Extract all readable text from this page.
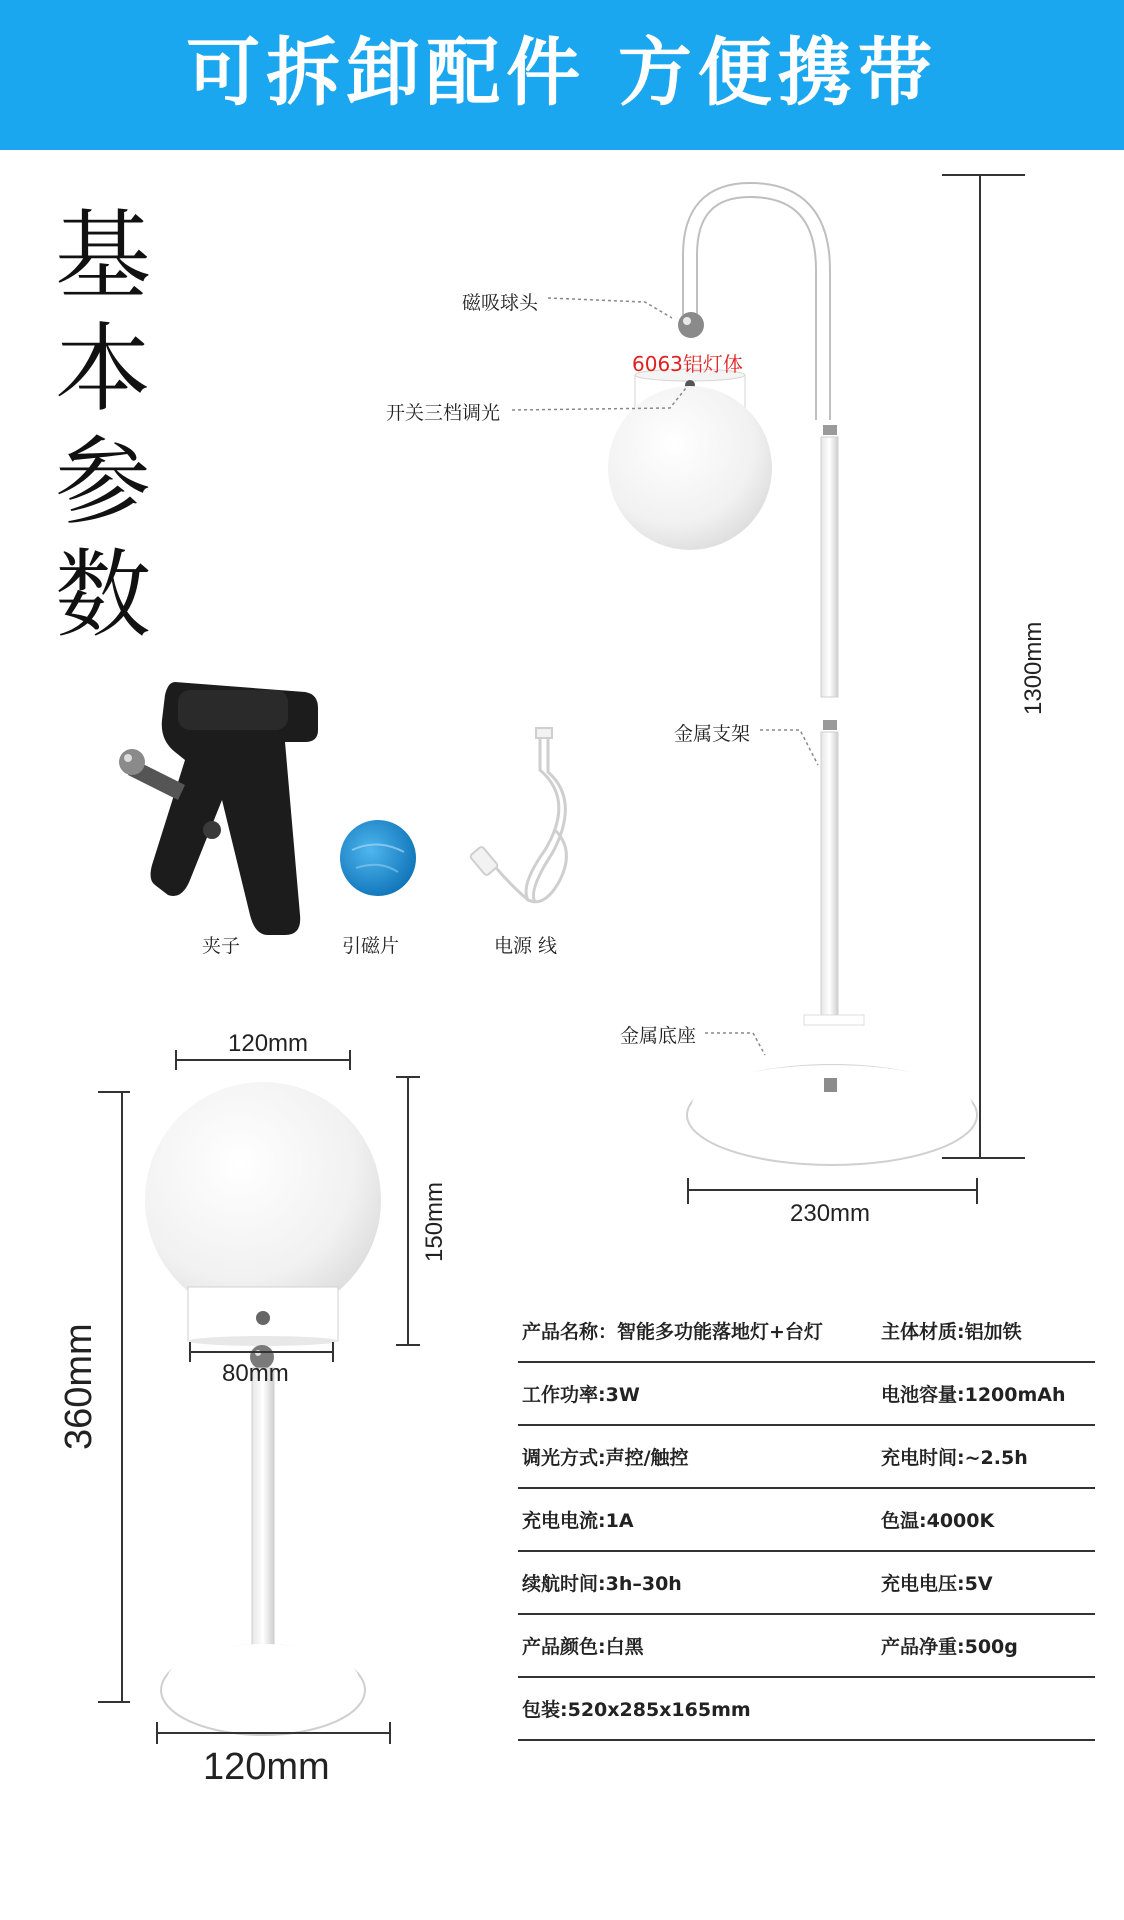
可拆卸配件 方便携带
基
本
参
数
磁吸球头
6063铝灯体
开关三档调光
金属支架
金属底座
夹子	引磁片	电源 线
1300mm
230mm
120mm
150mm
80mm
360mm
120mm
产品名称：智能多功能落地灯+台灯	主体材质:铝加铁
工作功率:3W	电池容量:1200mAh
调光方式:声控/触控	充电时间:~2.5h
充电电流:1A	色温:4000K
续航时间:3h–30h	充电电压:5V
产品颜色:白黑	产品净重:500g
包装:520x285x165mm
